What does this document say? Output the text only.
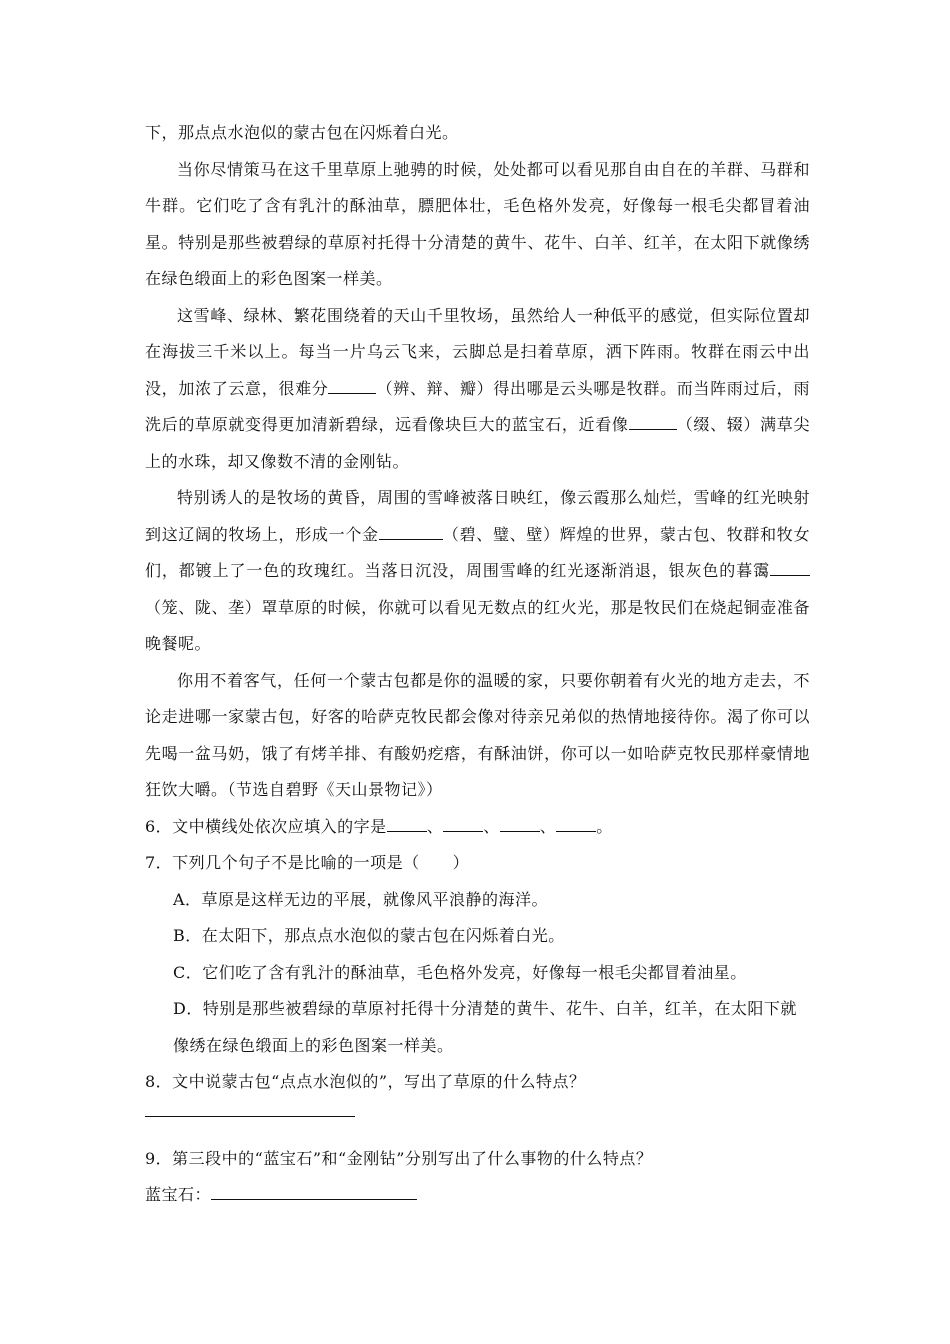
下，那点点水泡似的蒙古包在闪烁着白光。

当你尽情策马在这千里草原上驰骋的时候，处处都可以看见那自由自在的羊群、马群和牛群。它们吃了含有乳汁的酥油草，膘肥体壮，毛色格外发亮，好像每一根毛尖都冒着油星。特别是那些被碧绿的草原衬托得十分清楚的黄牛、花牛、白羊、红羊，在太阳下就像绣在绿色缎面上的彩色图案一样美。

这雪峰、绿林、繁花围绕着的天山千里牧场，虽然给人一种低平的感觉，但实际位置却在海拔三千米以上。每当一片乌云飞来，云脚总是扫着草原，洒下阵雨。牧群在雨云中出没，加浓了云意，很难分	（辨、辩、瓣）得出哪是云头哪是牧群。而当阵雨过后，雨洗后的草原就变得更加清新碧绿，远看像块巨大的蓝宝石，近看像	（缀、辍）满草尖上的水珠，却又像数不清的金刚钻。

特别诱人的是牧场的黄昏，周围的雪峰被落日映红，像云霞那么灿烂，雪峰的红光映射到这辽阔的牧场上，形成一个金	（碧、璧、壁）辉煌的世界，蒙古包、牧群和牧女们，都镀上了一色的玫瑰红。当落日沉没，周围雪峰的红光逐渐消退，银灰色的暮霭（笼、陇、垄）罩草原的时候，你就可以看见无数点的红火光，那是牧民们在烧起铜壶准备晚餐呢。

你用不着客气，任何一个蒙古包都是你的温暖的家，只要你朝着有火光的地方走去，不论走进哪一家蒙古包，好客的哈萨克牧民都会像对待亲兄弟似的热情地接待你。渴了你可以先喝一盆马奶，饿了有烤羊排、有酸奶疙瘩，有酥油饼，你可以一如哈萨克牧民那样豪情地狂饮大嚼。（节选自碧野《天山景物记》）

6．文中横线处依次应填入的字是	、	、	、	。

7．下列几个句子不是比喻的一项是（　　）

A．草原是这样无边的平展，就像风平浪静的海洋。

B．在太阳下，那点点水泡似的蒙古包在闪烁着白光。

C．它们吃了含有乳汁的酥油草，毛色格外发亮，好像每一根毛尖都冒着油星。

D．特别是那些被碧绿的草原衬托得十分清楚的黄牛、花牛、白羊，红羊，在太阳下就像绣在绿色缎面上的彩色图案一样美。

8．文中说蒙古包“点点水泡似的”，写出了草原的什么特点？

9．第三段中的“蓝宝石”和“金刚钻”分别写出了什么事物的什么特点？

蓝宝石：
